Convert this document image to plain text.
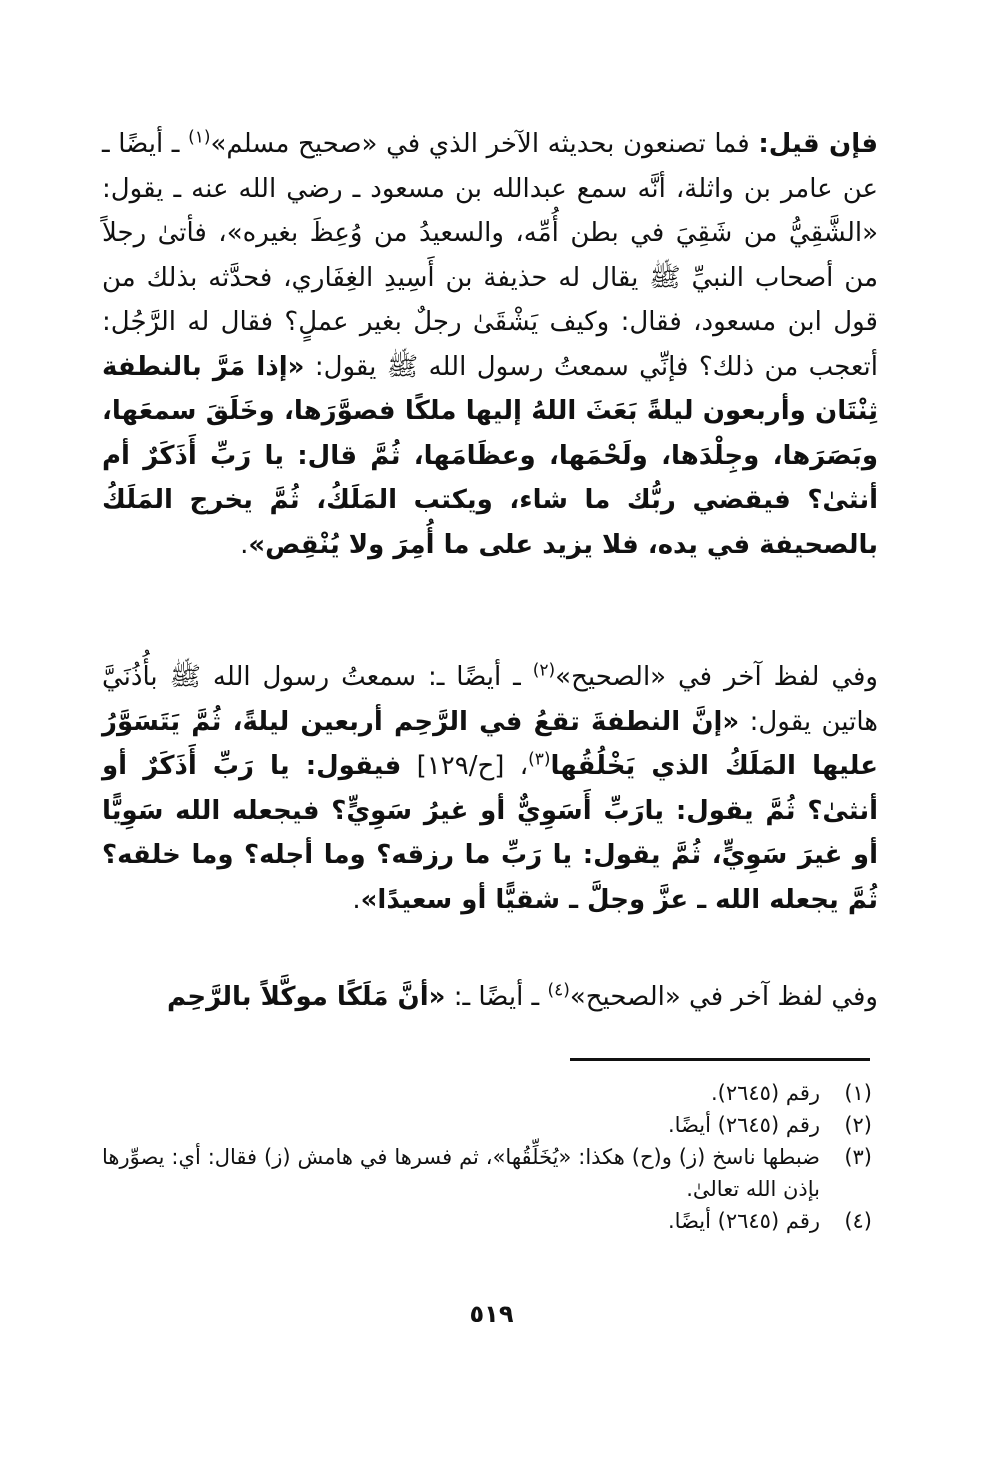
فإن قيل: فما تصنعون بحديثه الآخر الذي في «صحيح مسلم»$^{(١)}$ ـ أيضًا ـ عن عامر بن واثلة، أنَّه سمع عبدالله بن مسعود ـ رضي الله عنه ـ يقول: «الشَّقِيُّ من شَقِيَ في بطن أُمِّه، والسعيدُ من وُعِظَ بغيره»، فأتىٰ رجلاً من أصحاب النبيِّ ﷺ يقال له حذيفة بن أَسِيدِ الغِفَاري، فحدَّثه بذلك من قول ابن مسعود، فقال: وكيف يَشْقَىٰ رجلٌ بغير عملٍ؟ فقال له الرَّجُل: أتعجب من ذلك؟ فإنِّي سمعتُ رسول الله ﷺ يقول: «إذا مَرَّ بالنطفة ثِنْتَان وأربعون ليلةً بَعَثَ اللهُ إليها ملكًا فصوَّرَها، وخَلَقَ سمعَها، وبَصَرَها، وجِلْدَها، ولَحْمَها، وعظَامَها، ثُمَّ قال: يا رَبِّ أَذَكَرٌ أم أنثىٰ؟ فيقضي ربُّك ما شاء، ويكتب المَلَكُ، ثُمَّ يخرج المَلَكُ بالصحيفة في يده، فلا يزيد على ما أُمِرَ ولا يُنْقِص».
وفي لفظ آخر في «الصحيح»$^{(٢)}$ ـ أيضًا ـ: سمعتُ رسول الله ﷺ بأُذُنَيَّ هاتين يقول: «إنَّ النطفةَ تقعُ في الرَّحِم أربعين ليلةً، ثُمَّ يَتَسَوَّرُ عليها المَلَكُ الذي يَخْلُقُها$^{(٣)}$، [ح/١٢٩] فيقول: يا رَبِّ أَذَكَرٌ أو أنثىٰ؟ ثُمَّ يقول: يارَبِّ أَسَوِيٌّ أو غيرُ سَوِيٍّ؟ فيجعله الله سَوِيًّا أو غيرَ سَوِيٍّ، ثُمَّ يقول: يا رَبِّ ما رزقه؟ وما أجله؟ وما خلقه؟ ثُمَّ يجعله الله ـ عزَّ وجلَّ ـ شقيًّا أو سعيدًا».
وفي لفظ آخر في «الصحيح»$^{(٤)}$ ـ أيضًا ـ: «أنَّ مَلَكًا موكَّلاً بالرَّحِم
(١)
رقم (٢٦٤٥).
(٢)
رقم (٢٦٤٥) أيضًا.
(٣)
ضبطها ناسخ (ز) و(ح) هكذا: «يُخَلِّقُها»، ثم فسرها في هامش (ز) فقال: أي: يصوِّرها بإذن الله تعالىٰ.
(٤)
رقم (٢٦٤٥) أيضًا.
٥١٩
